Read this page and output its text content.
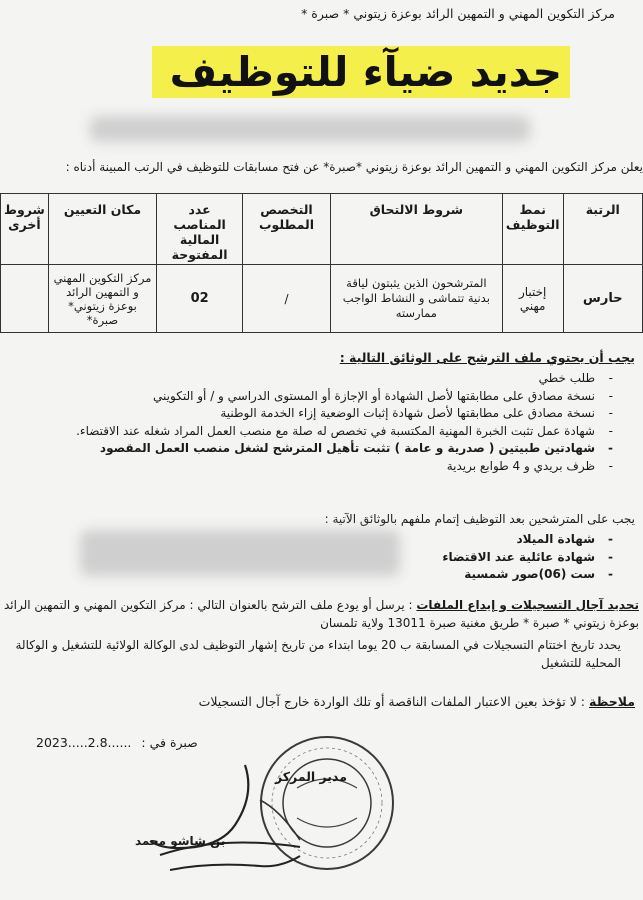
مركز التكوين المهني و التمهين الرائد بوعزة زيتوني * صبرة *
جديد ضيآء للتوظيف
يعلن مركز التكوين المهني و التمهين الرائد بوعزة زيتوني *صبرة* عن فتح مسابقات للتوظيف في الرتب المبينة أدناه :
الرتبة	نمط التوظيف	شروط الالتحاق	التخصص المطلوب	عدد المناصب المالية المفتوحة	مكان التعيين	شروط أخرى
حارس	إختبار مهني	المترشحون الذين يثبتون لياقة بدنية تتماشى و النشاط الواجب ممارسته	/	02	مركز التكوين المهني و التمهين الرائد بوعزة زيتوني* صبرة*	
يجب أن يحتوي ملف الترشح على الوثائق التالية :
- طلب خطي
- نسخة مصادق على مطابقتها لأصل الشهادة أو الإجازة أو المستوى الدراسي و / أو التكويني
- نسخة مصادق على مطابقتها لأصل شهادة إثبات الوضعية إزاء الخدمة الوطنية
- شهادة عمل تثبت الخبرة المهنية المكتسبة في تخصص له صلة مع منصب العمل المراد شغله عند الاقتضاء.
- شهادتين طبيتين ( صدرية و عامة ) تثبت تأهيل المترشح لشغل منصب العمل المقصود
- ظرف بريدي و 4 طوابع بريدية
يجب على المترشحين بعد التوظيف إتمام ملفهم بالوثائق الآتية :
- شهادة الميلاد
- شهادة عائلية عند الاقتضاء
- ست (06)صور شمسية
تحديد آجال التسجيلات و إيداع الملفات : يرسل أو يودع ملف الترشح بالعنوان التالي : مركز التكوين المهني و التمهين الرائد بوعزة زيتوني * صبرة * طريق مغنية صبرة 13011 ولاية تلمسان
يحدد تاريخ اختتام التسجيلات في المسابقة ب 20 يوما ابتداء من تاريخ إشهار التوظيف لدى الوكالة الولائية للتشغيل و الوكالة المحلية للتشغيل
ملاحظة : لا تؤخذ بعين الاعتبار الملفات الناقصة أو تلك الواردة خارج آجال التسجيلات
صبرة في : 2023.....2.8......
مدير المركز
بن شاشو محمد
